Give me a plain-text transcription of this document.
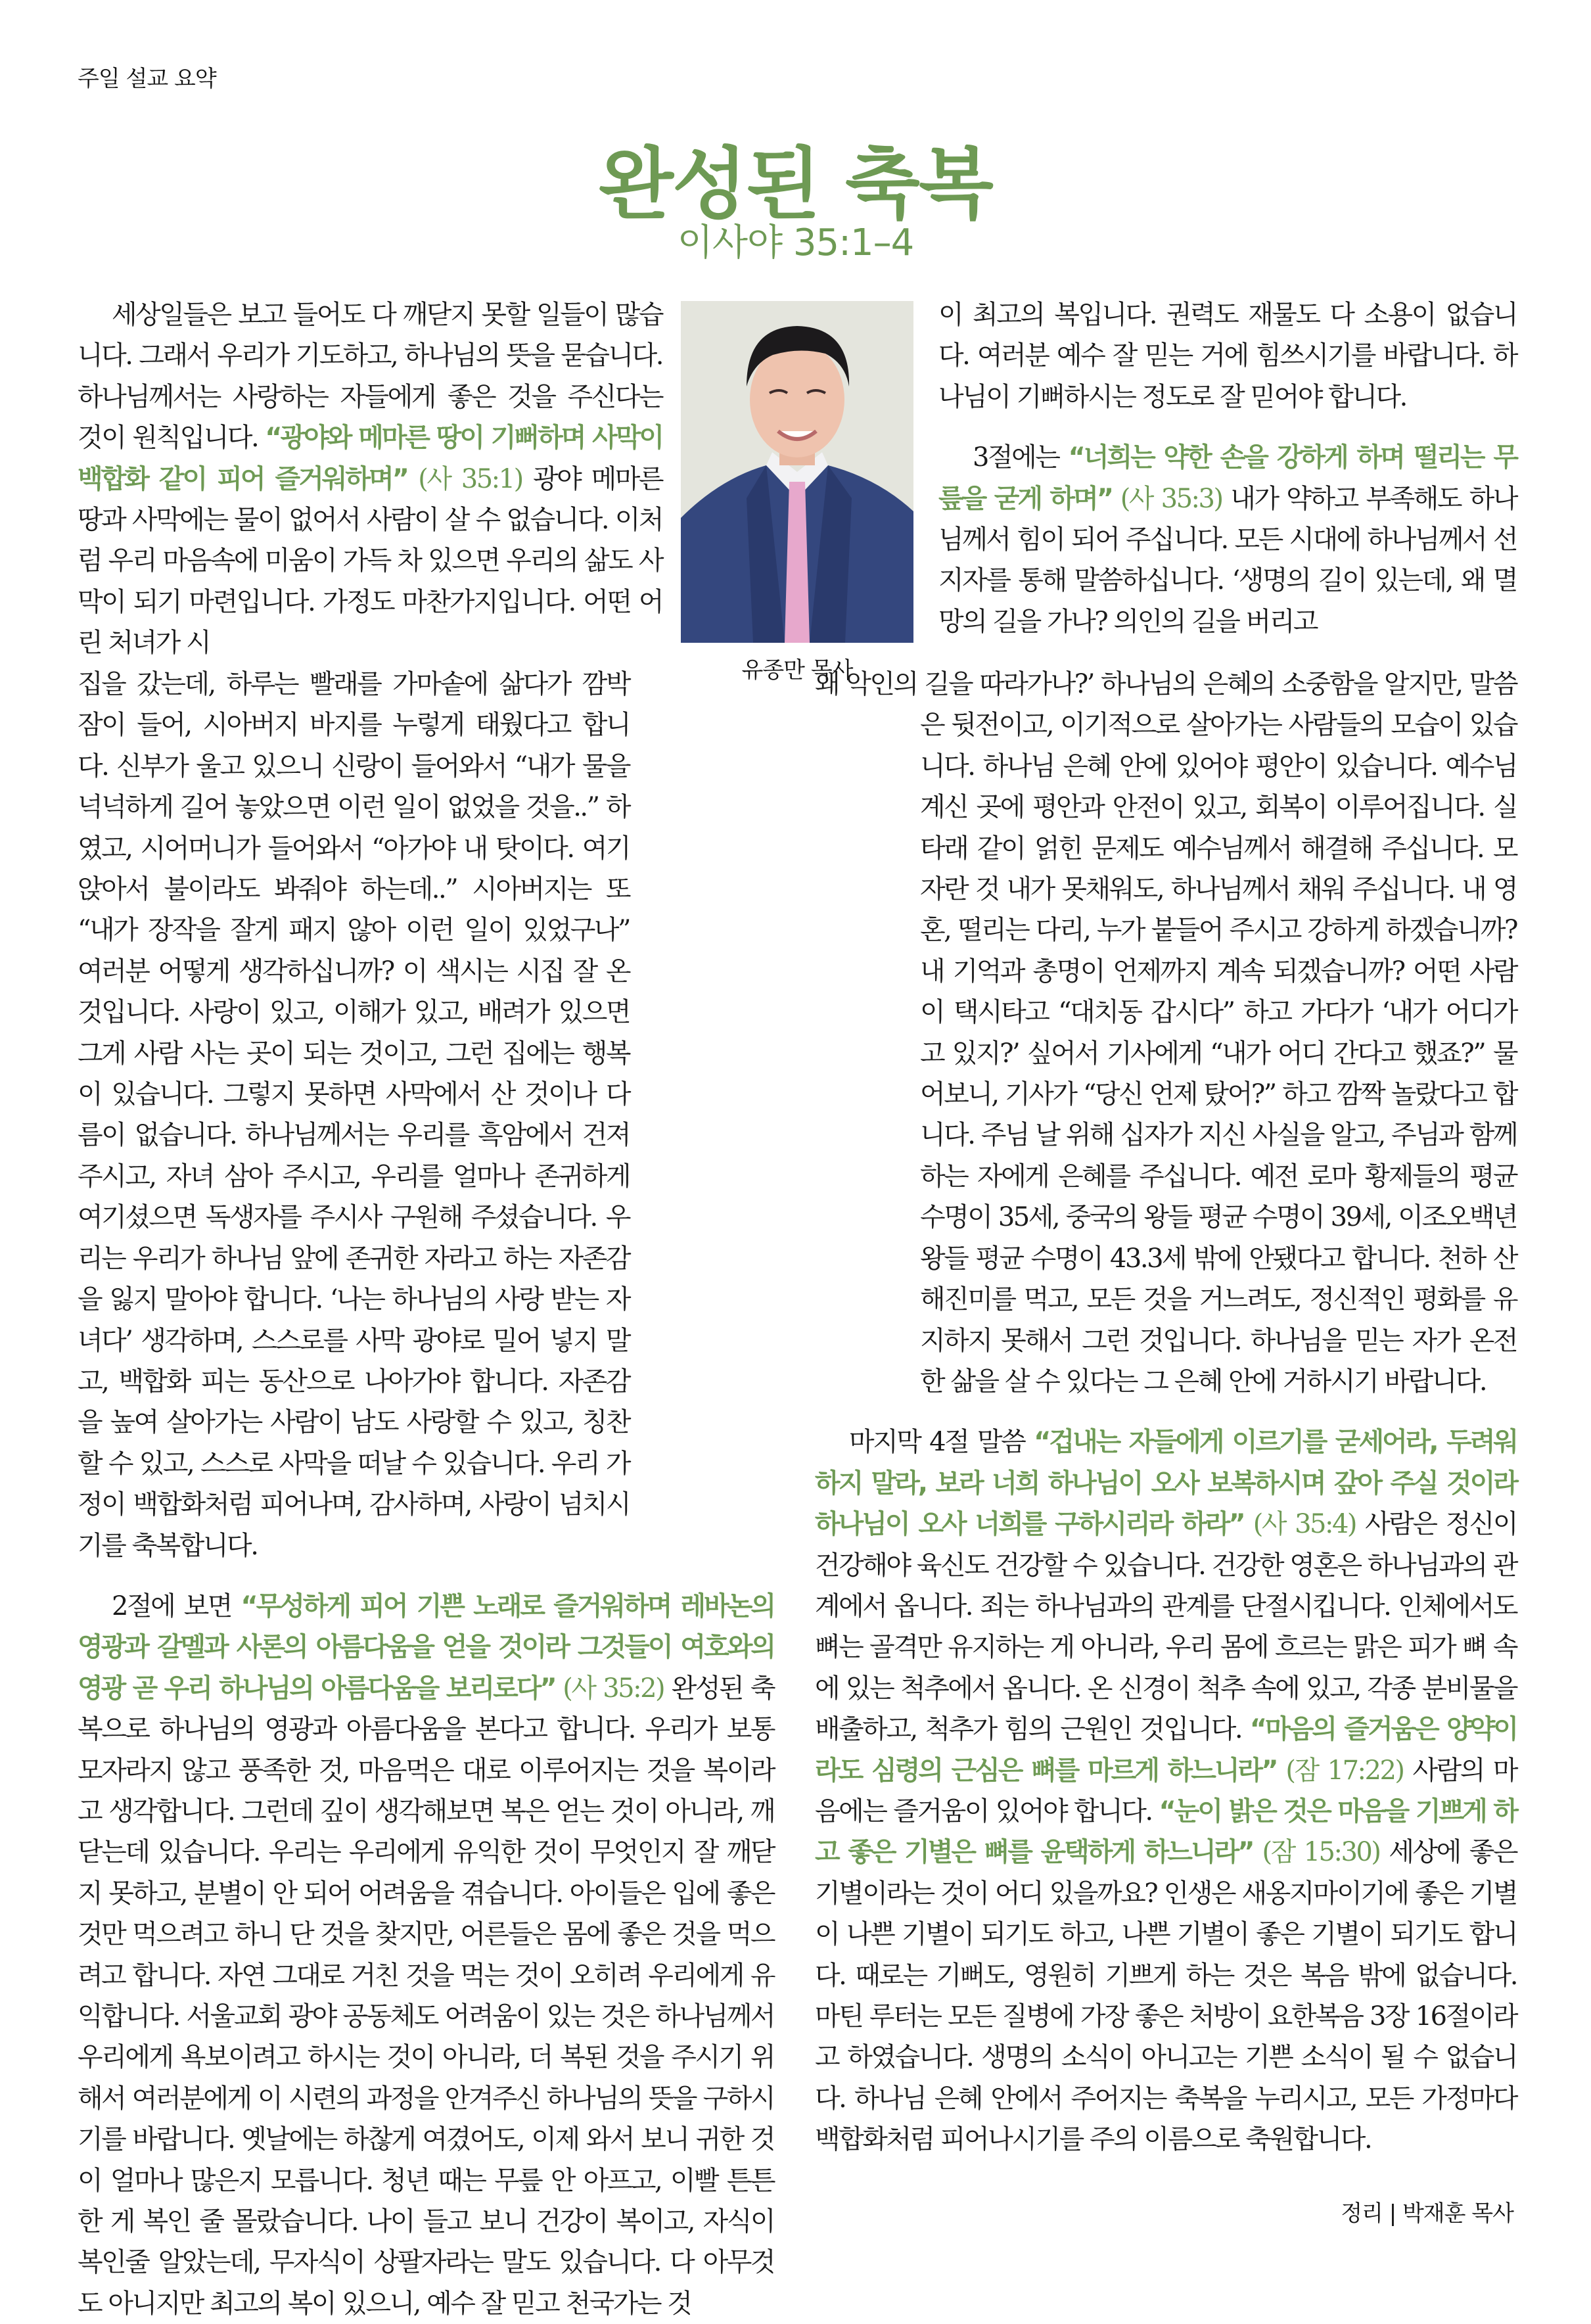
주일 설교 요약
완성된 축복
이사야 35:1–4

세상일들은 보고 들어도 다 깨닫지 못할 일들이 많습니다. 그래서 우리가 기도하고, 하나님의 뜻을 묻습니다. 하나님께서는 사랑하는 자들에게 좋은 것을 주신다는 것이 원칙입니다. “광야와 메마른 땅이 기뻐하며 사막이 백합화 같이 피어 즐거워하며” (사 35:1) 광야 메마른 땅과 사막에는 물이 없어서 사람이 살 수 없습니다. 이처럼 우리 마음속에 미움이 가득 차 있으면 우리의 삶도 사막이 되기 마련입니다. 가정도 마찬가지입니다. 어떤 어린 처녀가 시

유종만 목사

집을 갔는데, 하루는 빨래를 가마솥에 삶다가 깜박 잠이 들어, 시아버지 바지를 누렇게 태웠다고 합니다. 신부가 울고 있으니 신랑이 들어와서 “내가 물을 넉넉하게 길어 놓았으면 이런 일이 없었을 것을..” 하였고, 시어머니가 들어와서 “아가야 내 탓이다. 여기 앉아서 불이라도 봐줘야 하는데..” 시아버지는 또 “내가 장작을 잘게 패지 않아 이런 일이 있었구나” 여러분 어떻게 생각하십니까? 이 색시는 시집 잘 온 것입니다. 사랑이 있고, 이해가 있고, 배려가 있으면 그게 사람 사는 곳이 되는 것이고, 그런 집에는 행복이 있습니다. 그렇지 못하면 사막에서 산 것이나 다름이 없습니다. 하나님께서는 우리를 흑암에서 건져주시고, 자녀 삼아 주시고, 우리를 얼마나 존귀하게 여기셨으면 독생자를 주시사 구원해 주셨습니다. 우리는 우리가 하나님 앞에 존귀한 자라고 하는 자존감을 잃지 말아야 합니다. ‘나는 하나님의 사랑 받는 자녀다’ 생각하며, 스스로를 사막 광야로 밀어 넣지 말고, 백합화 피는 동산으로 나아가야 합니다. 자존감을 높여 살아가는 사람이 남도 사랑할 수 있고, 칭찬할 수 있고, 스스로 사막을 떠날 수 있습니다. 우리 가정이 백합화처럼 피어나며, 감사하며, 사랑이 넘치시기를 축복합니다.

2절에 보면 “무성하게 피어 기쁜 노래로 즐거워하며 레바논의 영광과 갈멜과 사론의 아름다움을 얻을 것이라 그것들이 여호와의 영광 곧 우리 하나님의 아름다움을 보리로다” (사 35:2) 완성된 축복으로 하나님의 영광과 아름다움을 본다고 합니다. 우리가 보통 모자라지 않고 풍족한 것, 마음먹은 대로 이루어지는 것을 복이라고 생각합니다. 그런데 깊이 생각해보면 복은 얻는 것이 아니라, 깨닫는데 있습니다. 우리는 우리에게 유익한 것이 무엇인지 잘 깨닫지 못하고, 분별이 안 되어 어려움을 겪습니다. 아이들은 입에 좋은 것만 먹으려고 하니 단 것을 찾지만, 어른들은 몸에 좋은 것을 먹으려고 합니다. 자연 그대로 거친 것을 먹는 것이 오히려 우리에게 유익합니다. 서울교회 광야 공동체도 어려움이 있는 것은 하나님께서 우리에게 욕보이려고 하시는 것이 아니라, 더 복된 것을 주시기 위해서 여러분에게 이 시련의 과정을 안겨주신 하나님의 뜻을 구하시기를 바랍니다. 옛날에는 하찮게 여겼어도, 이제 와서 보니 귀한 것이 얼마나 많은지 모릅니다. 청년 때는 무릎 안 아프고, 이빨 튼튼한 게 복인 줄 몰랐습니다. 나이 들고 보니 건강이 복이고, 자식이 복인줄 알았는데, 무자식이 상팔자라는 말도 있습니다. 다 아무것도 아니지만 최고의 복이 있으니, 예수 잘 믿고 천국가는 것

이 최고의 복입니다. 권력도 재물도 다 소용이 없습니다. 여러분 예수 잘 믿는 거에 힘쓰시기를 바랍니다. 하나님이 기뻐하시는 정도로 잘 믿어야 합니다.

3절에는 “너희는 약한 손을 강하게 하며 떨리는 무릎을 굳게 하며” (사 35:3) 내가 약하고 부족해도 하나님께서 힘이 되어 주십니다. 모든 시대에 하나님께서 선지자를 통해 말씀하십니다. ‘생명의 길이 있는데, 왜 멸망의 길을 가나? 의인의 길을 버리고

왜 악인의 길을 따라가나?’ 하나님의 은혜의 소중함을 알지만, 말씀은 뒷전이고, 이기적으로 살아가는 사람들의 모습이 있습니다. 하나님 은혜 안에 있어야 평안이 있습니다. 예수님 계신 곳에 평안과 안전이 있고, 회복이 이루어집니다. 실타래 같이 얽힌 문제도 예수님께서 해결해 주십니다. 모자란 것 내가 못채워도, 하나님께서 채워 주십니다. 내 영혼, 떨리는 다리, 누가 붙들어 주시고 강하게 하겠습니까? 내 기억과 총명이 언제까지 계속 되겠습니까? 어떤 사람이 택시타고 “대치동 갑시다” 하고 가다가 ‘내가 어디가고 있지?’ 싶어서 기사에게 “내가 어디 간다고 했죠?” 물어보니, 기사가 “당신 언제 탔어?” 하고 깜짝 놀랐다고 합니다. 주님 날 위해 십자가 지신 사실을 알고, 주님과 함께 하는 자에게 은혜를 주십니다. 예전 로마 황제들의 평균 수명이 35세, 중국의 왕들 평균 수명이 39세, 이조오백년 왕들 평균 수명이 43.3세 밖에 안됐다고 합니다. 천하 산해진미를 먹고, 모든 것을 거느려도, 정신적인 평화를 유지하지 못해서 그런 것입니다. 하나님을 믿는 자가 온전한 삶을 살 수 있다는 그 은혜 안에 거하시기 바랍니다.

마지막 4절 말씀 “겁내는 자들에게 이르기를 굳세어라, 두려워하지 말라, 보라 너희 하나님이 오사 보복하시며 갚아 주실 것이라 하나님이 오사 너희를 구하시리라 하라” (사 35:4) 사람은 정신이 건강해야 육신도 건강할 수 있습니다. 건강한 영혼은 하나님과의 관계에서 옵니다. 죄는 하나님과의 관계를 단절시킵니다. 인체에서도 뼈는 골격만 유지하는 게 아니라, 우리 몸에 흐르는 맑은 피가 뼈 속에 있는 척추에서 옵니다. 온 신경이 척추 속에 있고, 각종 분비물을 배출하고, 척추가 힘의 근원인 것입니다. “마음의 즐거움은 양약이라도 심령의 근심은 뼈를 마르게 하느니라” (잠 17:22) 사람의 마음에는 즐거움이 있어야 합니다. “눈이 밝은 것은 마음을 기쁘게 하고 좋은 기별은 뼈를 윤택하게 하느니라” (잠 15:30) 세상에 좋은 기별이라는 것이 어디 있을까요? 인생은 새옹지마이기에 좋은 기별이 나쁜 기별이 되기도 하고, 나쁜 기별이 좋은 기별이 되기도 합니다. 때로는 기뻐도, 영원히 기쁘게 하는 것은 복음 밖에 없습니다. 마틴 루터는 모든 질병에 가장 좋은 처방이 요한복음 3장 16절이라고 하였습니다. 생명의 소식이 아니고는 기쁜 소식이 될 수 없습니다. 하나님 은혜 안에서 주어지는 축복을 누리시고, 모든 가정마다 백합화처럼 피어나시기를 주의 이름으로 축원합니다.

정리 | 박재훈 목사
